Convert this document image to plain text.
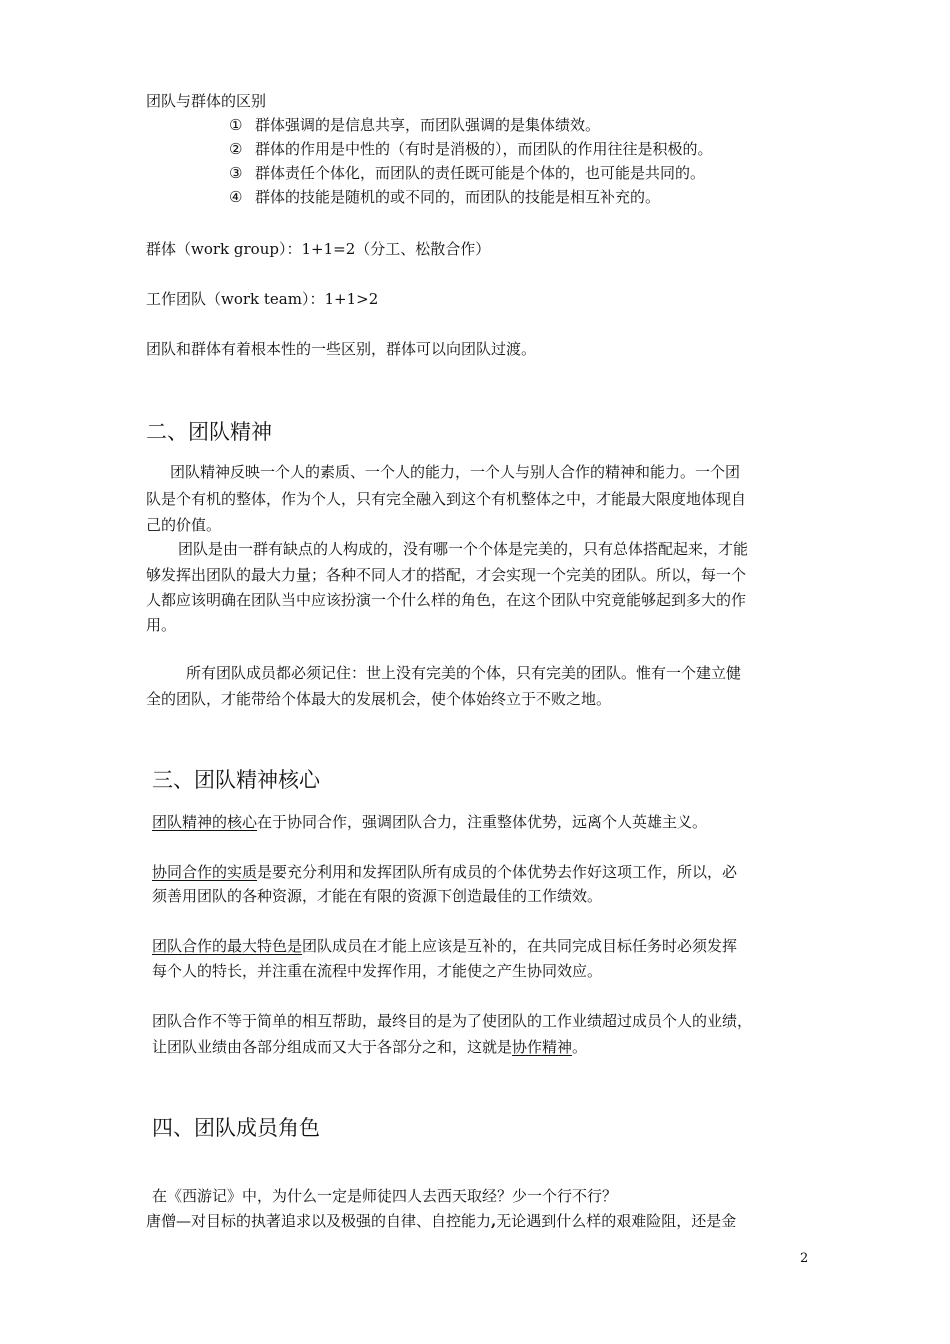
团队与群体的区别
① 群体强调的是信息共享，而团队强调的是集体绩效。
② 群体的作用是中性的（有时是消极的），而团队的作用往往是积极的。
③ 群体责任个体化，而团队的责任既可能是个体的，也可能是共同的。
④ 群体的技能是随机的或不同的，而团队的技能是相互补充的。
群体（work group）：1+1=2（分工、松散合作）
工作团队（work team）：1+1>2
团队和群体有着根本性的一些区别，群体可以向团队过渡。
二、团队精神
团队精神反映一个人的素质、一个人的能力，一个人与别人合作的精神和能力。一个团
队是个有机的整体，作为个人，只有完全融入到这个有机整体之中，才能最大限度地体现自
己的价值。
团队是由一群有缺点的人构成的，没有哪一个个体是完美的，只有总体搭配起来，才能
够发挥出团队的最大力量；各种不同人才的搭配，才会实现一个完美的团队。所以，每一个
人都应该明确在团队当中应该扮演一个什么样的角色，在这个团队中究竟能够起到多大的作
用。
所有团队成员都必须记住：世上没有完美的个体，只有完美的团队。惟有一个建立健
全的团队，才能带给个体最大的发展机会，使个体始终立于不败之地。
三、团队精神核心
团队精神的核心在于协同合作，强调团队合力，注重整体优势，远离个人英雄主义。
协同合作的实质是要充分利用和发挥团队所有成员的个体优势去作好这项工作，所以，必
须善用团队的各种资源，才能在有限的资源下创造最佳的工作绩效。
团队合作的最大特色是团队成员在才能上应该是互补的，在共同完成目标任务时必须发挥
每个人的特长，并注重在流程中发挥作用，才能使之产生协同效应。
团队合作不等于简单的相互帮助，最终目的是为了使团队的工作业绩超过成员个人的业绩，
让团队业绩由各部分组成而又大于各部分之和，这就是协作精神。
四、团队成员角色
在《西游记》中，为什么一定是师徒四人去西天取经？少一个行不行？
唐僧—对目标的执著追求以及极强的自律、自控能力,无论遇到什么样的艰难险阻，还是金
2
